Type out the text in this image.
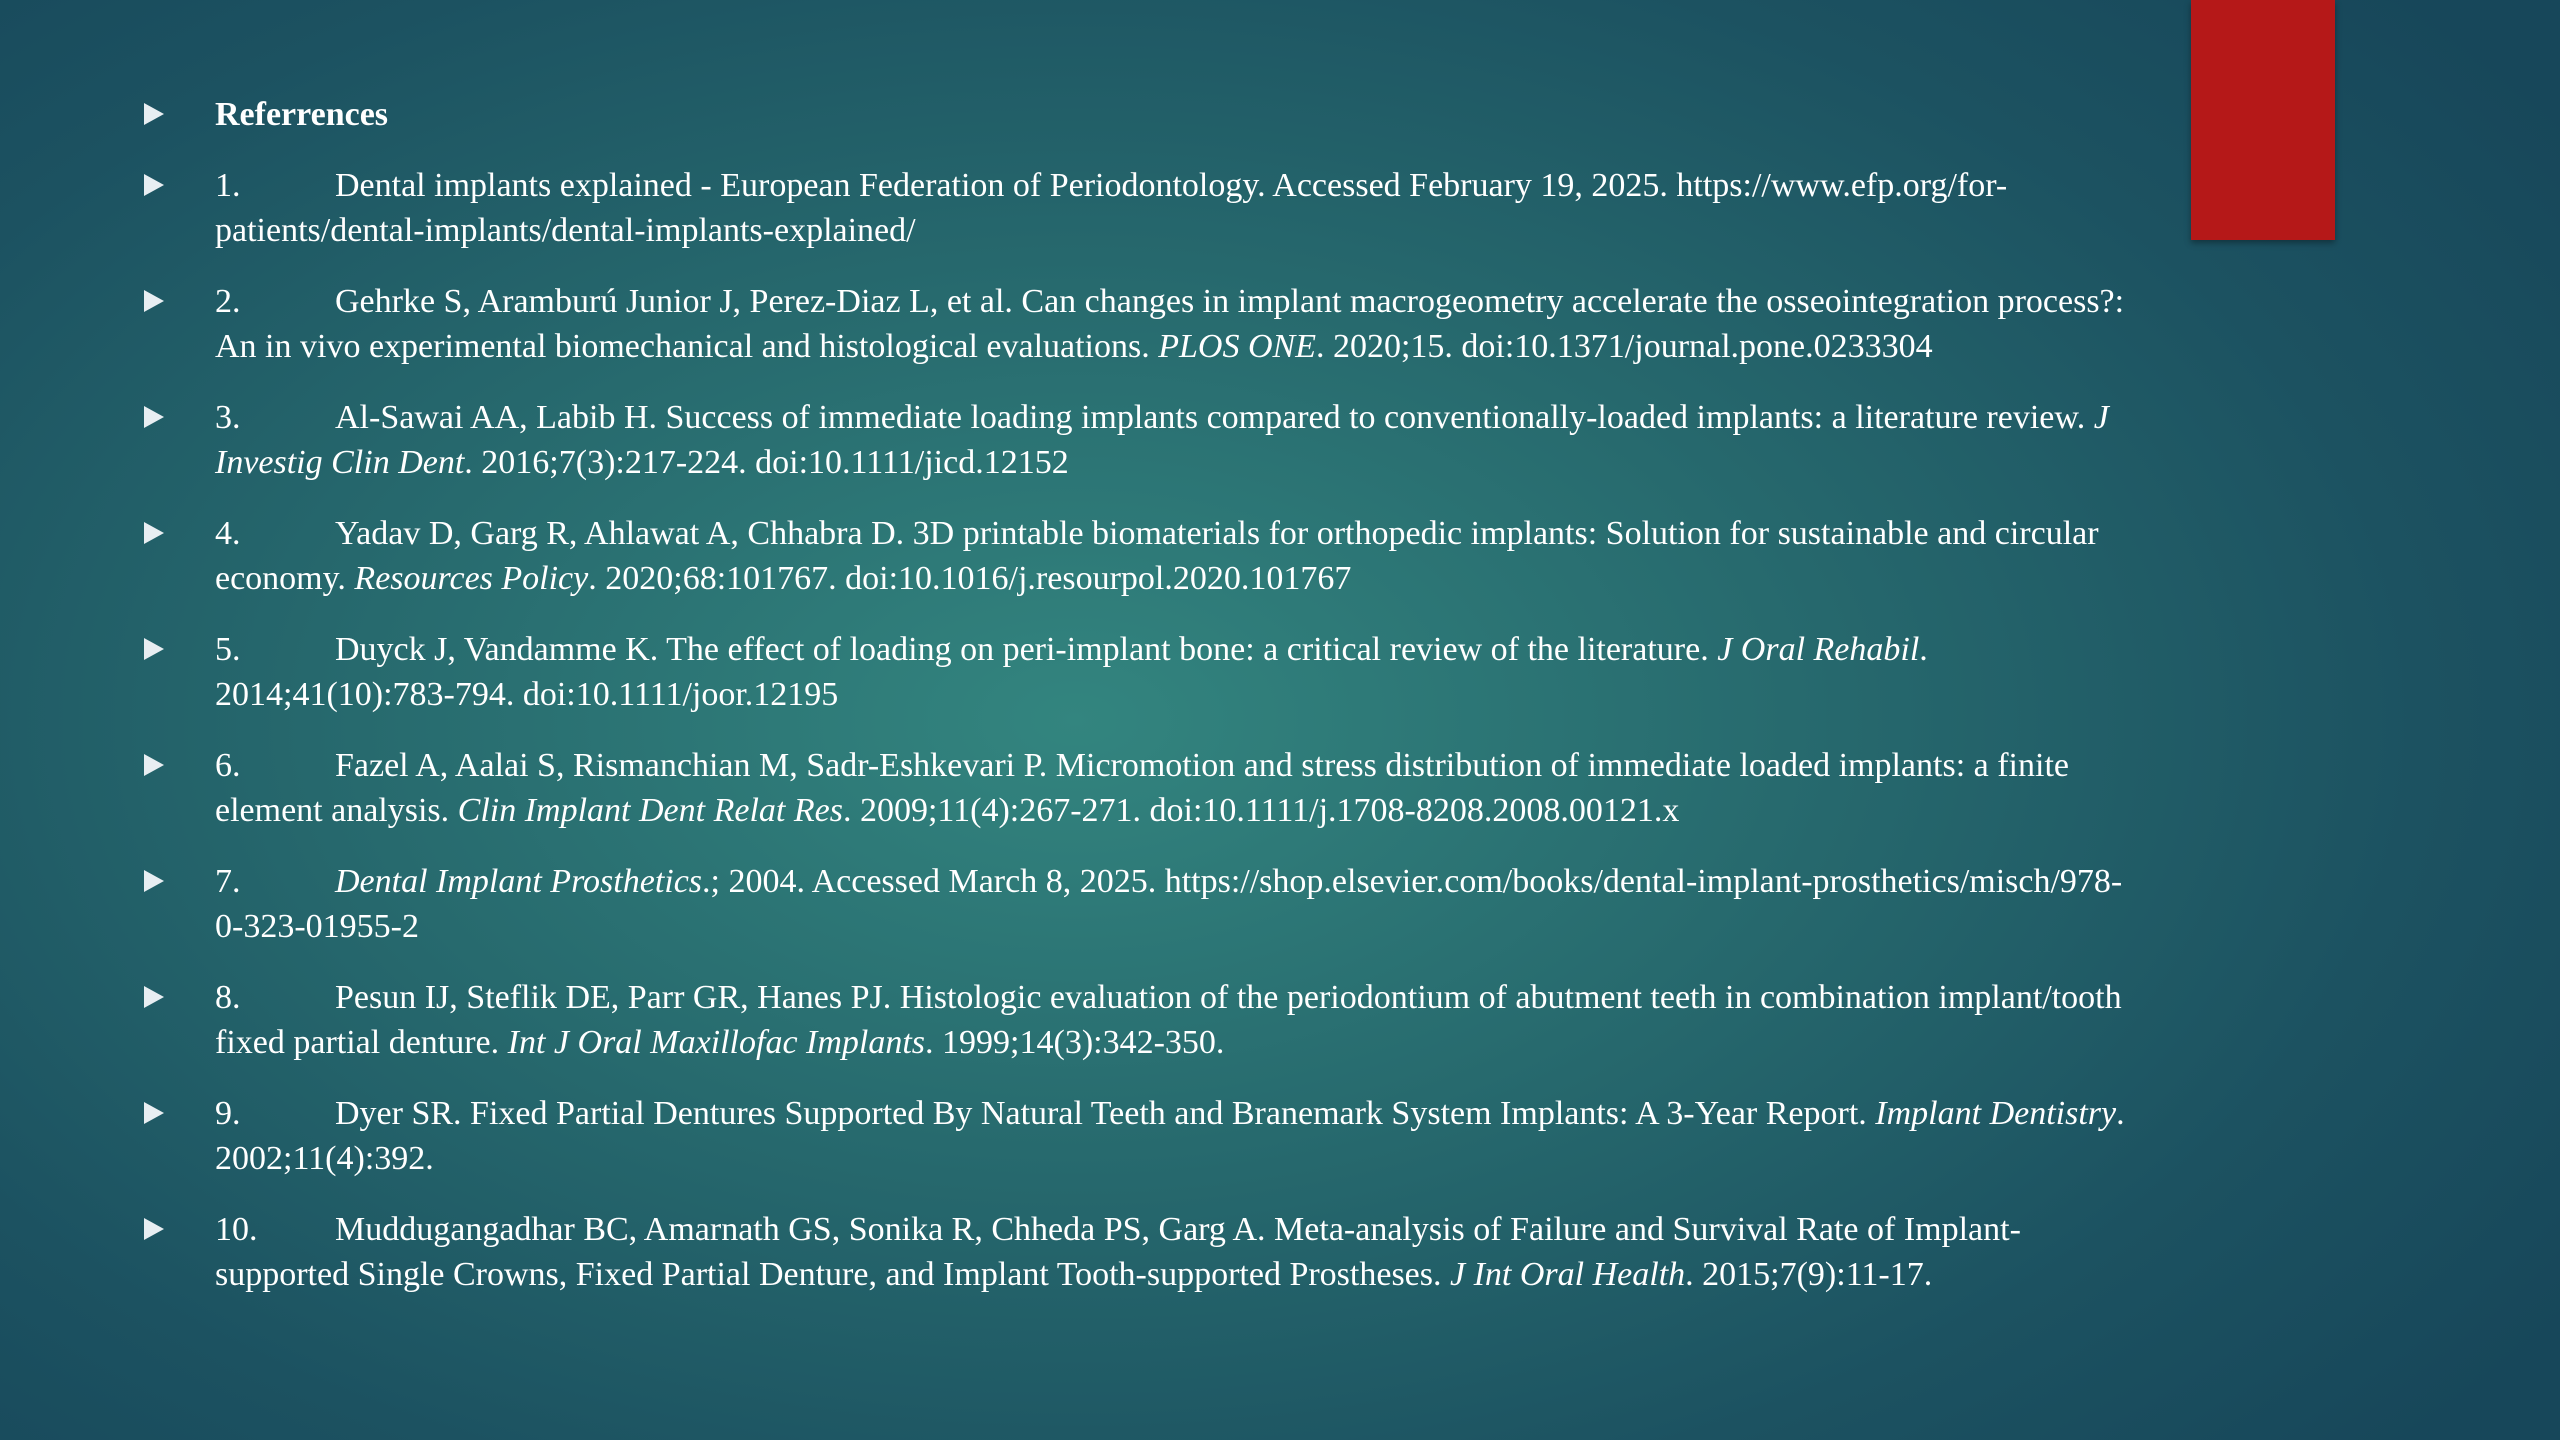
Referrences
1.	Dental implants explained - European Federation of Periodontology. Accessed February 19, 2025. https://www.efp.org/for-patients/dental-implants/dental-implants-explained/
2.	Gehrke S, Aramburú Junior J, Perez-Diaz L, et al. Can changes in implant macrogeometry accelerate the osseointegration process?: An in vivo experimental biomechanical and histological evaluations. PLOS ONE. 2020;15. doi:10.1371/journal.pone.0233304
3.	Al-Sawai AA, Labib H. Success of immediate loading implants compared to conventionally-loaded implants: a literature review. J Investig Clin Dent. 2016;7(3):217-224. doi:10.1111/jicd.12152
4.	Yadav D, Garg R, Ahlawat A, Chhabra D. 3D printable biomaterials for orthopedic implants: Solution for sustainable and circular economy. Resources Policy. 2020;68:101767. doi:10.1016/j.resourpol.2020.101767
5.	Duyck J, Vandamme K. The effect of loading on peri-implant bone: a critical review of the literature. J Oral Rehabil. 2014;41(10):783-794. doi:10.1111/joor.12195
6.	Fazel A, Aalai S, Rismanchian M, Sadr-Eshkevari P. Micromotion and stress distribution of immediate loaded implants: a finite element analysis. Clin Implant Dent Relat Res. 2009;11(4):267-271. doi:10.1111/j.1708-8208.2008.00121.x
7.	Dental Implant Prosthetics.; 2004. Accessed March 8, 2025. https://shop.elsevier.com/books/dental-implant-prosthetics/misch/978-0-323-01955-2
8.	Pesun IJ, Steflik DE, Parr GR, Hanes PJ. Histologic evaluation of the periodontium of abutment teeth in combination implant/tooth fixed partial denture. Int J Oral Maxillofac Implants. 1999;14(3):342-350.
9.	Dyer SR. Fixed Partial Dentures Supported By Natural Teeth and Branemark System Implants: A 3-Year Report. Implant Dentistry. 2002;11(4):392.
10. Muddugangadhar BC, Amarnath GS, Sonika R, Chheda PS, Garg A. Meta-analysis of Failure and Survival Rate of Implant-supported Single Crowns, Fixed Partial Denture, and Implant Tooth-supported Prostheses. J Int Oral Health. 2015;7(9):11-17.
